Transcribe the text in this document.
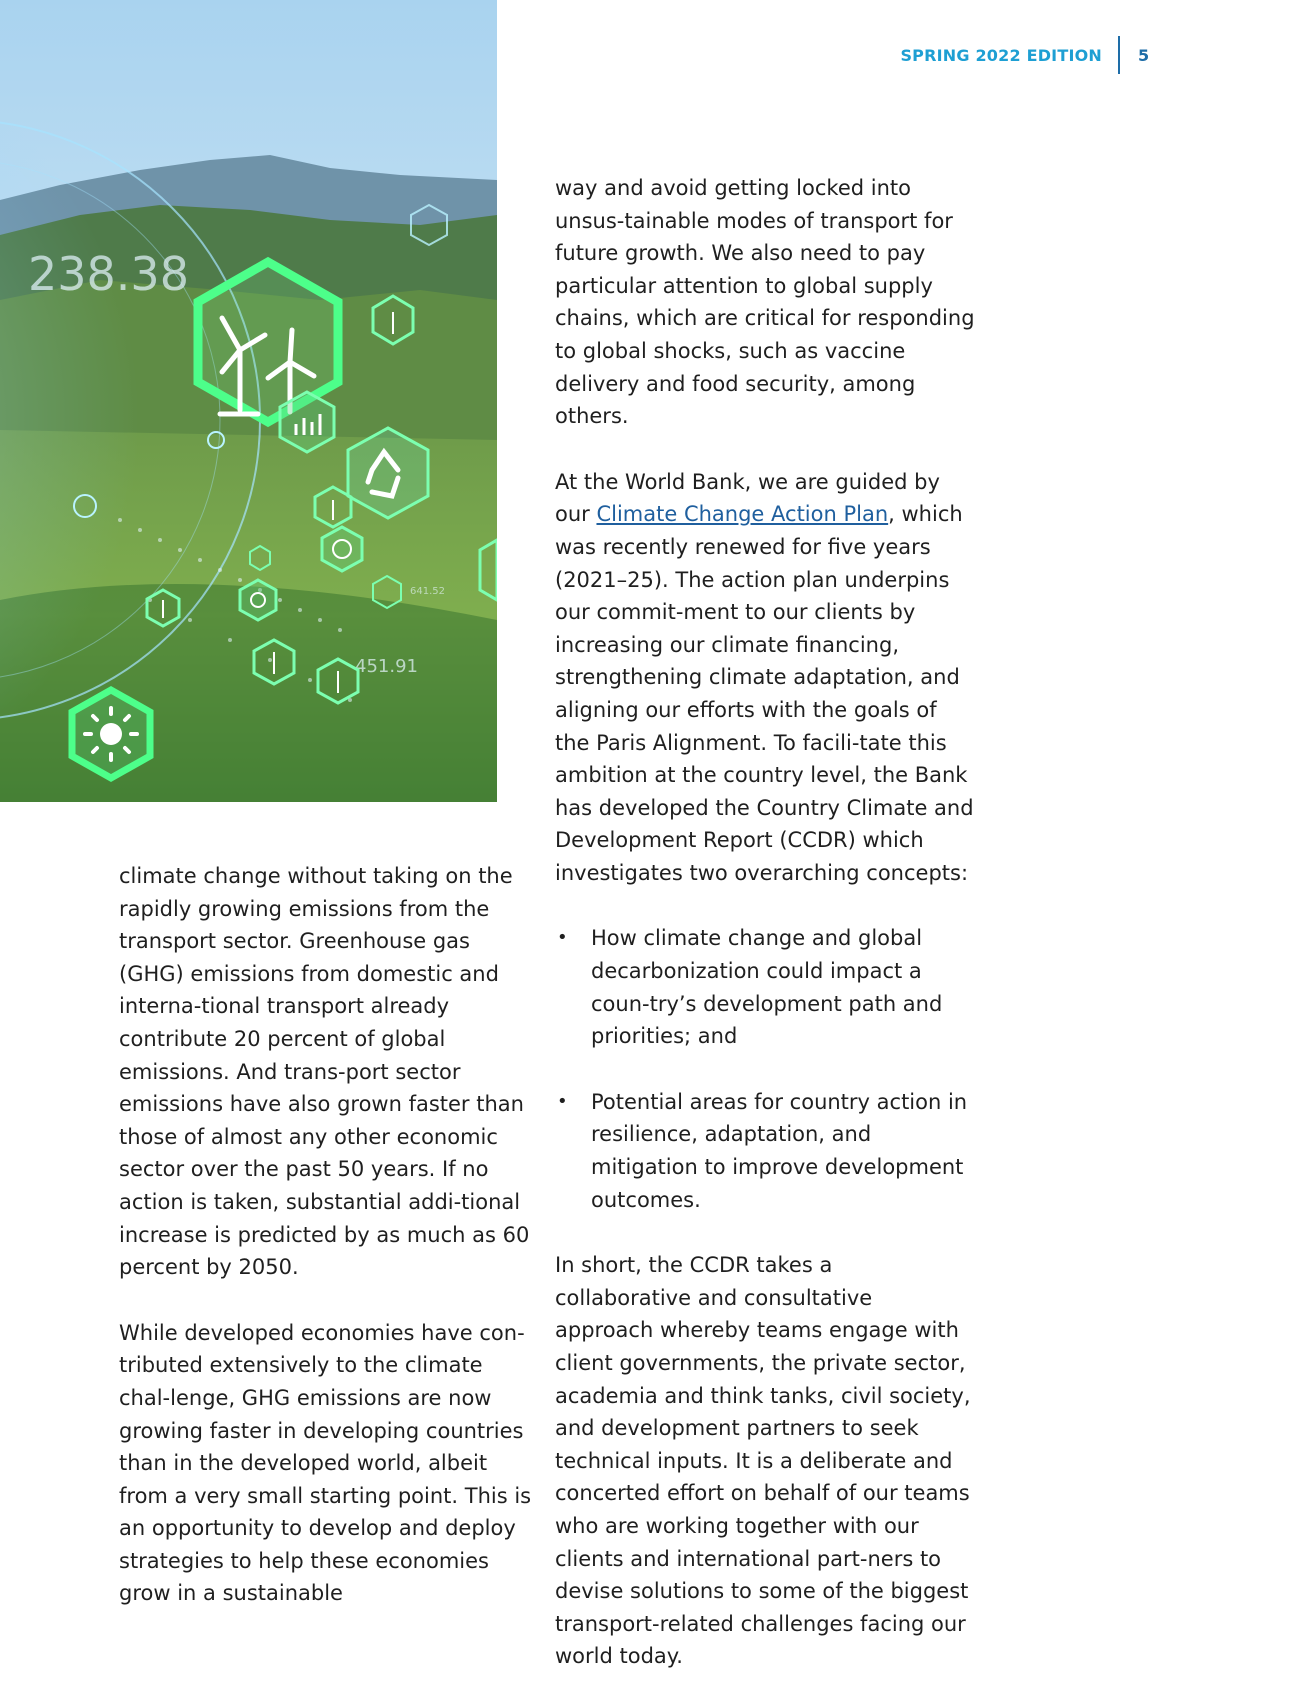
SPRING 2022 EDITION	5
238.38
451.91
641.52

climate change without taking on the rapidly growing emissions from the transport sector. Greenhouse gas (GHG) emissions from domestic and interna-tional transport already contribute 20 percent of global emissions. And trans-port sector emissions have also grown faster than those of almost any other economic sector over the past 50 years. If no action is taken, substantial addi-tional increase is predicted by as much as 60 percent by 2050.

While developed economies have con-tributed extensively to the climate chal-lenge, GHG emissions are now growing faster in developing countries than in the developed world, albeit from a very small starting point. This is an opportunity to develop and deploy strategies to help these economies grow in a sustainable

way and avoid getting locked into unsus-tainable modes of transport for future growth. We also need to pay particular attention to global supply chains, which are critical for responding to global shocks, such as vaccine delivery and food security, among others.

At the World Bank, we are guided by our Climate Change Action Plan, which was recently renewed for five years (2021–25). The action plan underpins our commit-ment to our clients by increasing our climate financing, strengthening climate adaptation, and aligning our efforts with the goals of the Paris Alignment. To facili-tate this ambition at the country level, the Bank has developed the Country Climate and Development Report (CCDR) which investigates two overarching concepts:

• How climate change and global decarbonization could impact a coun-try’s development path and priorities; and
• Potential areas for country action in resilience, adaptation, and mitigation to improve development outcomes.

In short, the CCDR takes a collaborative and consultative approach whereby teams engage with client governments, the private sector, academia and think tanks, civil society, and development partners to seek technical inputs. It is a deliberate and concerted effort on behalf of our teams who are working together with our clients and international part-ners to devise solutions to some of the biggest transport-related challenges facing our world today.
